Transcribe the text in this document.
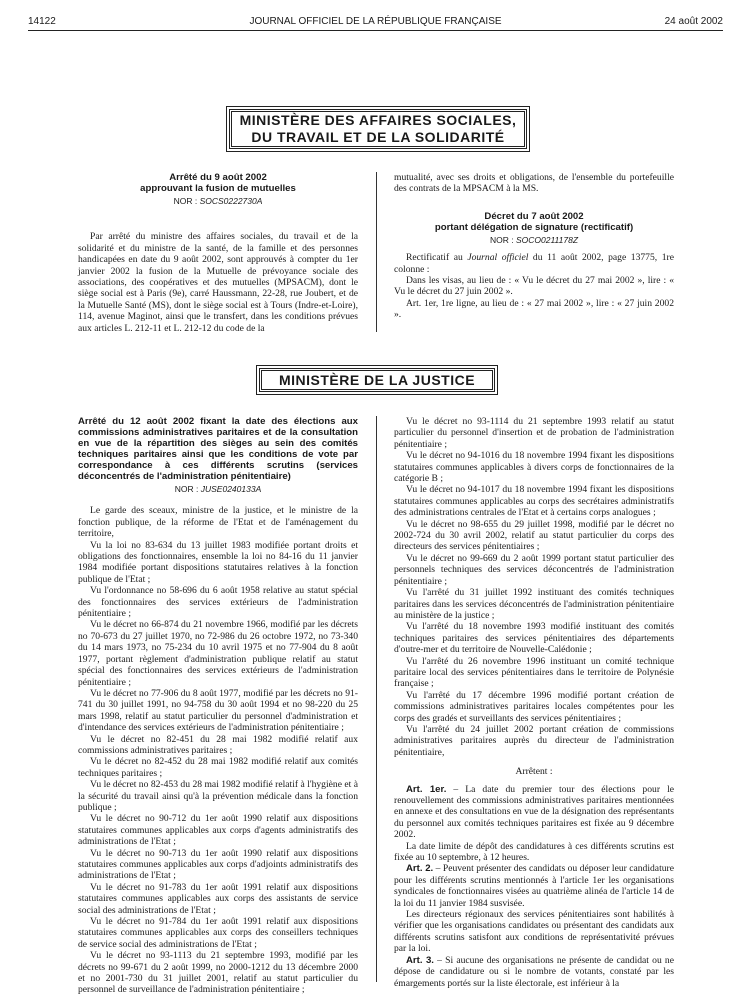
14122	JOURNAL OFFICIEL DE LA RÉPUBLIQUE FRANÇAISE	24 août 2002
MINISTÈRE DES AFFAIRES SOCIALES,
DU TRAVAIL ET DE LA SOLIDARITÉ
Arrêté du 9 août 2002
approuvant la fusion de mutuelles
NOR : SOCS0222730A

Par arrêté du ministre des affaires sociales, du travail et de la solidarité et du ministre de la santé, de la famille et des personnes handicapées en date du 9 août 2002, sont approuvés à compter du 1er janvier 2002 la fusion de la Mutuelle de prévoyance sociale des associations, des coopératives et des mutuelles (MPSACM), dont le siège social est à Paris (9e), carré Haussmann, 22-28, rue Joubert, et de la Mutuelle Santé (MS), dont le siège social est à Tours (Indre-et-Loire), 114, avenue Maginot, ainsi que le transfert, dans les conditions prévues aux articles L. 212-11 et L. 212-12 du code de la

mutualité, avec ses droits et obligations, de l'ensemble du portefeuille des contrats de la MPSACM à la MS.

Décret du 7 août 2002
portant délégation de signature (rectificatif)
NOR : SOCO0211178Z

Rectificatif au Journal officiel du 11 août 2002, page 13775, 1re colonne :

Dans les visas, au lieu de : « Vu le décret du 27 mai 2002 », lire : « Vu le décret du 27 juin 2002 ».

Art. 1er, 1re ligne, au lieu de : « 27 mai 2002 », lire : « 27 juin 2002 ».

MINISTÈRE DE LA JUSTICE
Arrêté du 12 août 2002 fixant la date des élections aux commissions administratives paritaires et de la consultation en vue de la répartition des sièges au sein des comités techniques paritaires ainsi que les conditions de vote par correspondance à ces différents scrutins (services déconcentrés de l'administration pénitentiaire)
NOR : JUSE0240133A

Le garde des sceaux, ministre de la justice, et le ministre de la fonction publique, de la réforme de l'Etat et de l'aménagement du territoire,

Vu la loi no 83-634 du 13 juillet 1983 modifiée portant droits et obligations des fonctionnaires, ensemble la loi no 84-16 du 11 janvier 1984 modifiée portant dispositions statutaires relatives à la fonction publique de l'Etat ;

Vu l'ordonnance no 58-696 du 6 août 1958 relative au statut spécial des fonctionnaires des services extérieurs de l'administration pénitentiaire ;

Vu le décret no 66-874 du 21 novembre 1966, modifié par les décrets no 70-673 du 27 juillet 1970, no 72-986 du 26 octobre 1972, no 73-340 du 14 mars 1973, no 75-234 du 10 avril 1975 et no 77-904 du 8 août 1977, portant règlement d'administration publique relatif au statut spécial des fonctionnaires des services extérieurs de l'administration pénitentiaire ;

Vu le décret no 77-906 du 8 août 1977, modifié par les décrets no 91-741 du 30 juillet 1991, no 94-758 du 30 août 1994 et no 98-220 du 25 mars 1998, relatif au statut particulier du personnel d'administration et d'intendance des services extérieurs de l'administration pénitentiaire ;

Vu le décret no 82-451 du 28 mai 1982 modifié relatif aux commissions administratives paritaires ;

Vu le décret no 82-452 du 28 mai 1982 modifié relatif aux comités techniques paritaires ;

Vu le décret no 82-453 du 28 mai 1982 modifié relatif à l'hygiène et à la sécurité du travail ainsi qu'à la prévention médicale dans la fonction publique ;

Vu le décret no 90-712 du 1er août 1990 relatif aux dispositions statutaires communes applicables aux corps d'agents administratifs des administrations de l'Etat ;

Vu le décret no 90-713 du 1er août 1990 relatif aux dispositions statutaires communes applicables aux corps d'adjoints administratifs des administrations de l'Etat ;

Vu le décret no 91-783 du 1er août 1991 relatif aux dispositions statutaires communes applicables aux corps des assistants de service social des administrations de l'Etat ;

Vu le décret no 91-784 du 1er août 1991 relatif aux dispositions statutaires communes applicables aux corps des conseillers techniques de service social des administrations de l'Etat ;

Vu le décret no 93-1113 du 21 septembre 1993, modifié par les décrets no 99-671 du 2 août 1999, no 2000-1212 du 13 décembre 2000 et no 2001-730 du 31 juillet 2001, relatif au statut particulier du personnel de surveillance de l'administration pénitentiaire ;

Vu le décret no 93-1114 du 21 septembre 1993 relatif au statut particulier du personnel d'insertion et de probation de l'administration pénitentiaire ;

Vu le décret no 94-1016 du 18 novembre 1994 fixant les dispositions statutaires communes applicables à divers corps de fonctionnaires de la catégorie B ;

Vu le décret no 94-1017 du 18 novembre 1994 fixant les dispositions statutaires communes applicables au corps des secrétaires administratifs des administrations centrales de l'Etat et à certains corps analogues ;

Vu le décret no 98-655 du 29 juillet 1998, modifié par le décret no 2002-724 du 30 avril 2002, relatif au statut particulier du corps des directeurs des services pénitentiaires ;

Vu le décret no 99-669 du 2 août 1999 portant statut particulier des personnels techniques des services déconcentrés de l'administration pénitentiaire ;

Vu l'arrêté du 31 juillet 1992 instituant des comités techniques paritaires dans les services déconcentrés de l'administration pénitentiaire au ministère de la justice ;

Vu l'arrêté du 18 novembre 1993 modifié instituant des comités techniques paritaires des services pénitentiaires des départements d'outre-mer et du territoire de Nouvelle-Calédonie ;

Vu l'arrêté du 26 novembre 1996 instituant un comité technique paritaire local des services pénitentiaires dans le territoire de Polynésie française ;

Vu l'arrêté du 17 décembre 1996 modifié portant création de commissions administratives paritaires locales compétentes pour les corps des gradés et surveillants des services pénitentiaires ;

Vu l'arrêté du 24 juillet 2002 portant création de commissions administratives paritaires auprès du directeur de l'administration pénitentiaire,

Arrêtent :

Art. 1er. – La date du premier tour des élections pour le renouvellement des commissions administratives paritaires mentionnées en annexe et des consultations en vue de la désignation des représentants du personnel aux comités techniques paritaires est fixée au 9 décembre 2002.

La date limite de dépôt des candidatures à ces différents scrutins est fixée au 10 septembre, à 12 heures.

Art. 2. – Peuvent présenter des candidats ou déposer leur candidature pour les différents scrutins mentionnés à l'article 1er les organisations syndicales de fonctionnaires visées au quatrième alinéa de l'article 14 de la loi du 11 janvier 1984 susvisée.

Les directeurs régionaux des services pénitentiaires sont habilités à vérifier que les organisations candidates ou présentant des candidats aux différents scrutins satisfont aux conditions de représentativité prévues par la loi.

Art. 3. – Si aucune des organisations ne présente de candidat ou ne dépose de candidature ou si le nombre de votants, constaté par les émargements portés sur la liste électorale, est inférieur à la
